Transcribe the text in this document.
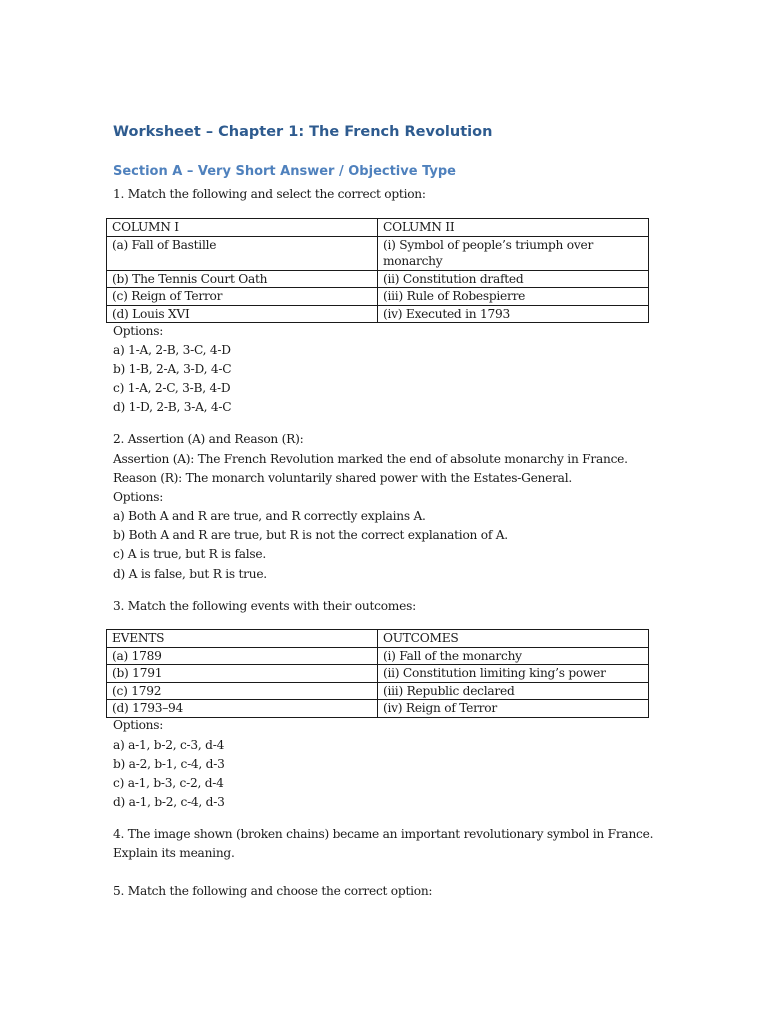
Worksheet – Chapter 1: The French Revolution
Section A – Very Short Answer / Objective Type
1. Match the following and select the correct option:
COLUMN I	COLUMN II
(a) Fall of Bastille	(i) Symbol of people’s triumph over monarchy
(b) The Tennis Court Oath	(ii) Constitution drafted
(c) Reign of Terror	(iii) Rule of Robespierre
(d) Louis XVI	(iv) Executed in 1793
Options:
a) 1-A, 2-B, 3-C, 4-D
b) 1-B, 2-A, 3-D, 4-C
c) 1-A, 2-C, 3-B, 4-D
d) 1-D, 2-B, 3-A, 4-C
2. Assertion (A) and Reason (R):
Assertion (A): The French Revolution marked the end of absolute monarchy in France.
Reason (R): The monarch voluntarily shared power with the Estates-General.
Options:
a) Both A and R are true, and R correctly explains A.
b) Both A and R are true, but R is not the correct explanation of A.
c) A is true, but R is false.
d) A is false, but R is true.
3. Match the following events with their outcomes:
EVENTS	OUTCOMES
(a) 1789	(i) Fall of the monarchy
(b) 1791	(ii) Constitution limiting king’s power
(c) 1792	(iii) Republic declared
(d) 1793–94	(iv) Reign of Terror
Options:
a) a-1, b-2, c-3, d-4
b) a-2, b-1, c-4, d-3
c) a-1, b-3, c-2, d-4
d) a-1, b-2, c-4, d-3
4. The image shown (broken chains) became an important revolutionary symbol in France.
Explain its meaning.
5. Match the following and choose the correct option:
